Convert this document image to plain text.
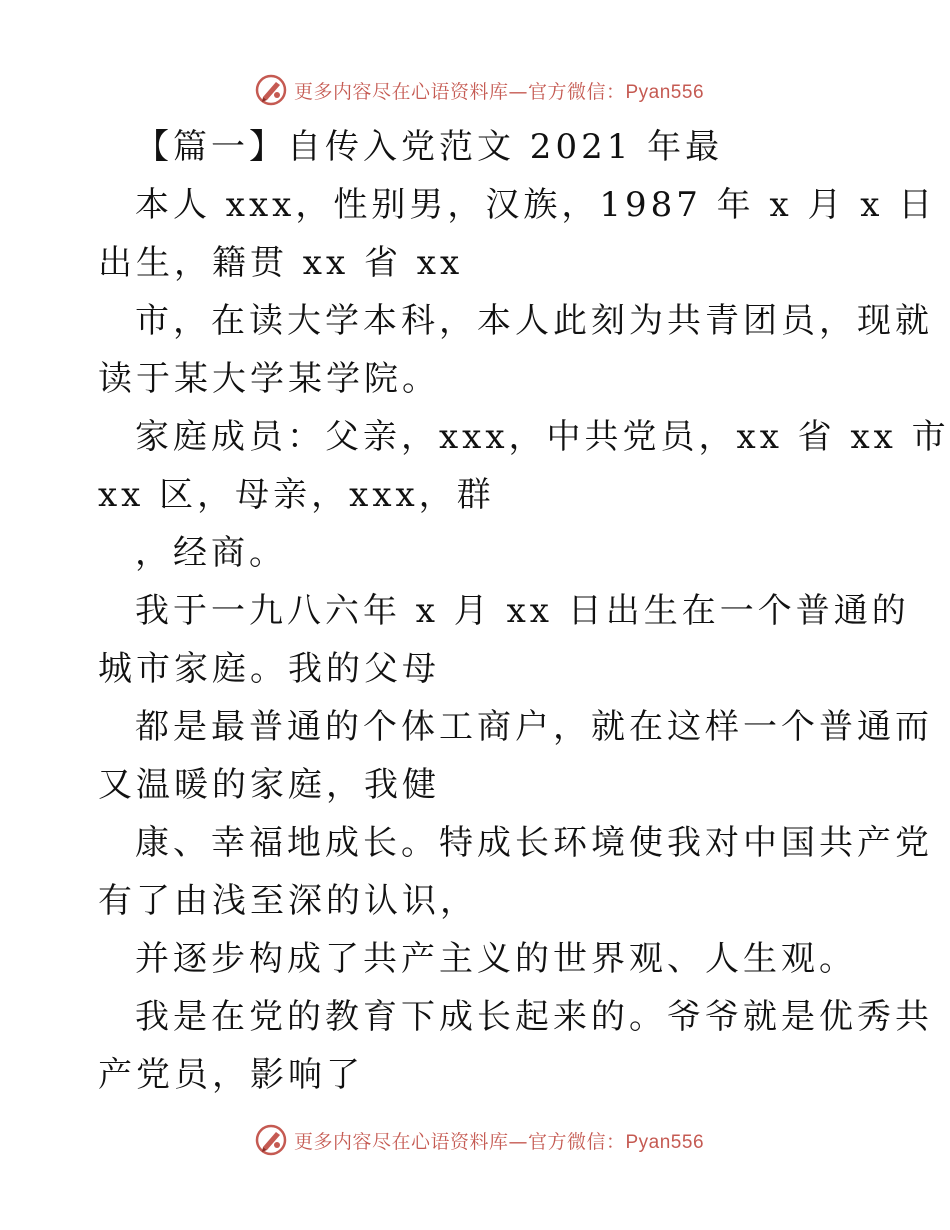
更多内容尽在心语资料库—官方微信：Pyan556
【篇一】自传入党范文 2021 年最
本人 xxx，性别男，汉族，1987 年 x 月 x 日
出生，籍贯 xx 省 xx
市，在读大学本科，本人此刻为共青团员，现就
读于某大学某学院。
家庭成员：父亲，xxx，中共党员，xx 省 xx 市
xx 区，母亲，xxx，群
，经商。
我于一九八六年 x 月 xx 日出生在一个普通的
城市家庭。我的父母
都是最普通的个体工商户，就在这样一个普通而
又温暖的家庭，我健
康、幸福地成长。特成长环境使我对中国共产党
有了由浅至深的认识，
并逐步构成了共产主义的世界观、人生观。
我是在党的教育下成长起来的。爷爷就是优秀共
产党员，影响了
更多内容尽在心语资料库—官方微信：Pyan556
